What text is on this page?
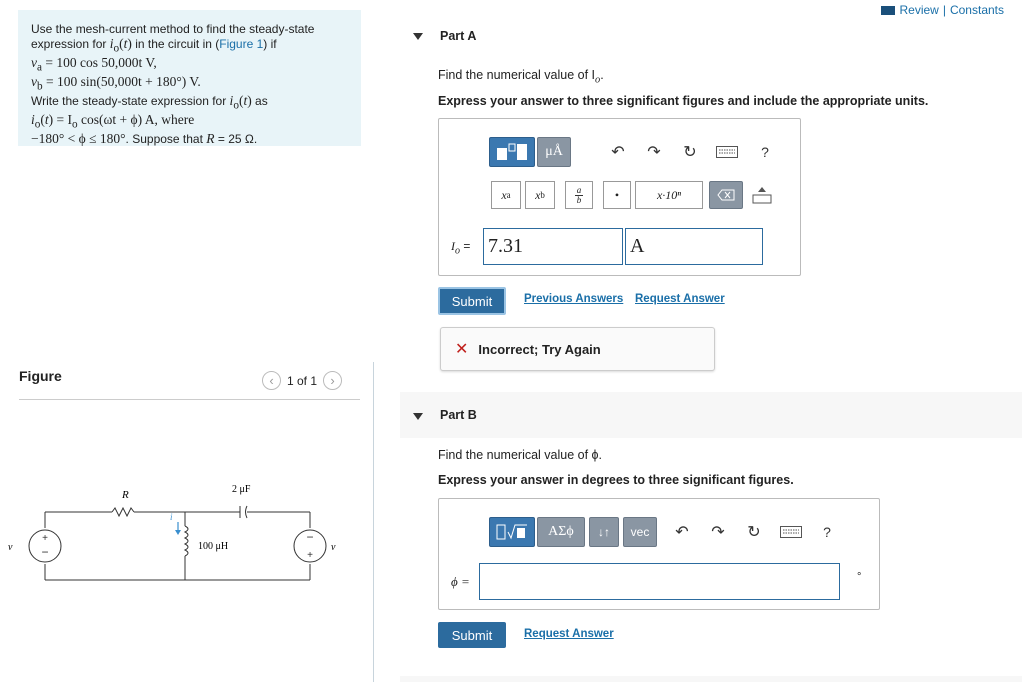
Use the mesh-current method to find the steady-state
expression for $i_o(t)$ in the circuit in (Figure 1) if
$v_a = 100$ cos 50,000t V,
$v_b = 100$ sin(50,000t + 180°) V.
Write the steady-state expression for $i_o(t)$ as
$i_o(t) = I_o$ cos(ωt + ϕ) A, where
−180° < ϕ ≤ 180°. Suppose that R = 25 Ω.
Figure	‹	1 of 1	›
+
−
−
+
R	2 μF
100 μH
i
v	v
Review | Constants
Part A
Find the numerical value of $I_o$.
Express your answer to three significant figures and include the appropriate units.
μÅ	↶ ↷ ↻	?
x a x b
a
b	•	x·10ⁿ
$I_o = 7.31$	A
Submit	Previous Answers Request Answer
✕ Incorrect; Try Again
Part B
Find the numerical value of ϕ.
Express your answer in degrees to three significant figures.
ΑΣϕ	↓↑	vec	↶ ↷ ↻	?
ϕ =	°
Submit	Request Answer
